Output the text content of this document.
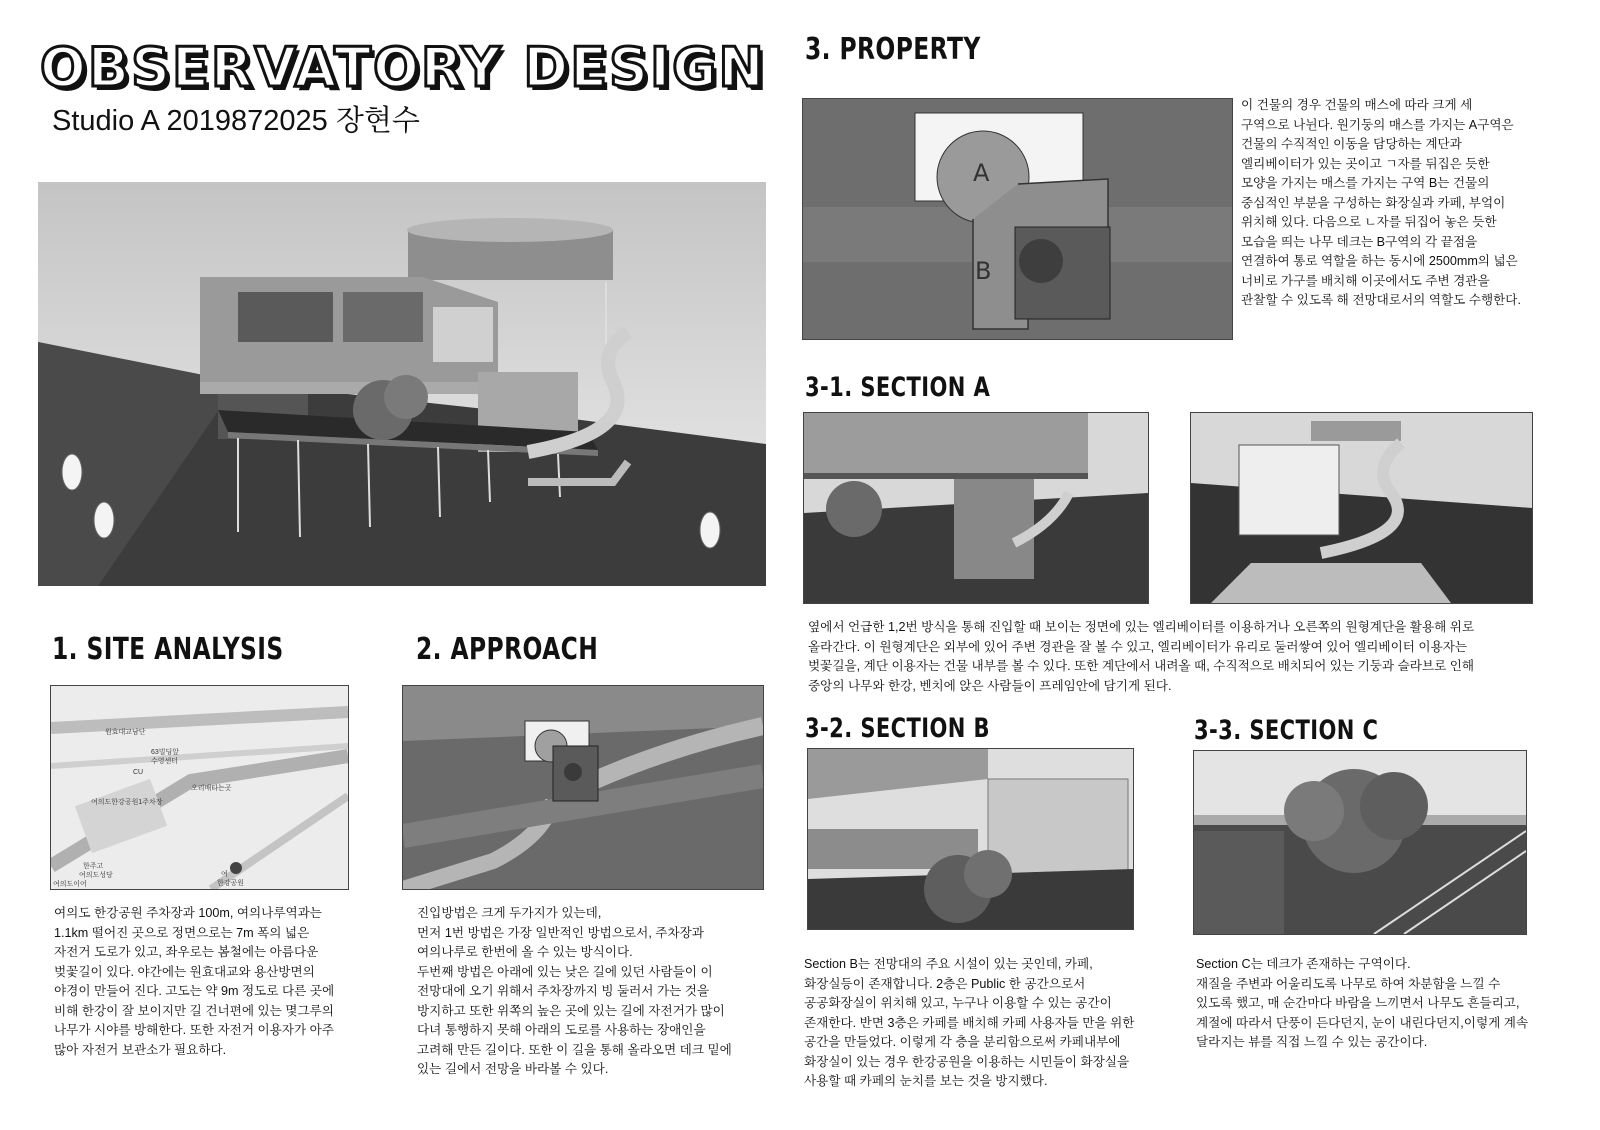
OBSERVATORY DESIGN
Studio A 2019872025 장현수
3. PROPERTY
A
B

이 건물의 경우 건물의 매스에 따라 크게 세

구역으로 나뉜다. 원기둥의 매스를 가지는 A구역은

건물의 수직적인 이동을 담당하는 계단과

엘리베이터가 있는 곳이고 ㄱ자를 뒤집은 듯한

모양을 가지는 매스를 가지는 구역 B는 건물의

중심적인 부분을 구성하는 화장실과 카페, 부엌이

위치해 있다. 다음으로 ㄴ자를 뒤집어 놓은 듯한

모습을 띄는 나무 데크는 B구역의 각 끝점을

연결하여 통로 역할을 하는 동시에 2500mm의 넓은

너비로 가구를 배치해 이곳에서도 주변 경관을

관찰할 수 있도록 해 전망대로서의 역할도 수행한다.

3-1. SECTION A

옆에서 언급한 1,2번 방식을 통해 진입할 때 보이는 정면에 있는 엘리베이터를 이용하거나 오른쪽의 원형계단을 활용해 위로

올라간다. 이 원형계단은 외부에 있어 주변 경관을 잘 볼 수 있고, 엘리베이터가 유리로 둘러쌓여 있어 엘리베이터 이용자는

벚꽃길을, 계단 이용자는 건물 내부를 볼 수 있다. 또한 계단에서 내려올 때, 수직적으로 배치되어 있는 기둥과 슬라브로 인해

중앙의 나무와 한강, 벤치에 앉은 사람들이 프레임안에 담기게 된다.

1. SITE ANALYSIS
원효대교남단
63빌딩앞
수영센터
CU
오리배타는곳
여의도한강공원1주차장
한주고
여의도성당	여
한강공원
여의도이어

여의도 한강공원 주차장과 100m, 여의나루역과는

1.1km 떨어진 곳으로 정면으로는 7m 폭의 넓은

자전거 도로가 있고, 좌우로는 봄철에는 아름다운

벚꽃길이 있다. 야간에는 원효대교와 용산방면의

야경이 만들어 진다. 고도는 약 9m 정도로 다른 곳에

비해 한강이 잘 보이지만 길 건너편에 있는 몇그루의

나무가 시야를 방해한다. 또한 자전거 이용자가 아주

많아 자전거 보관소가 필요하다.

2. APPROACH

진입방법은 크게 두가지가 있는데,

먼저 1번 방법은 가장 일반적인 방법으로서, 주차장과

여의나루로 한번에 올 수 있는 방식이다.

두번째 방법은 아래에 있는 낮은 길에 있던 사람들이 이

전망대에 오기 위해서 주차장까지 빙 둘러서 가는 것을

방지하고 또한 위쪽의 높은 곳에 있는 길에 자전거가 많이

다녀 통행하지 못해 아래의 도로를 사용하는 장애인을

고려해 만든 길이다. 또한 이 길을 통해 올라오면 데크 밑에

있는 길에서 전망을 바라볼 수 있다.

3-2. SECTION B

Section B는 전망대의 주요 시설이 있는 곳인데, 카페,

화장실등이 존재합니다. 2층은 Public 한 공간으로서

공공화장실이 위치해 있고, 누구나 이용할 수 있는 공간이

존재한다. 반면 3층은 카페를 배치해 카페 사용자들 만을 위한

공간을 만들었다. 이렇게 각 층을 분리함으로써 카페내부에

화장실이 있는 경우 한강공원을 이용하는 시민들이 화장실을

사용할 때 카페의 눈치를 보는 것을 방지했다.

3-3. SECTION C

Section C는 데크가 존재하는 구역이다.

재질을 주변과 어울리도록 나무로 하여 차분함을 느낄 수

있도록 했고, 매 순간마다 바람을 느끼면서 나무도 흔들리고,

계절에 따라서 단풍이 든다던지, 눈이 내린다던지,이렇게 계속

달라지는 뷰를 직접 느낄 수 있는 공간이다.
